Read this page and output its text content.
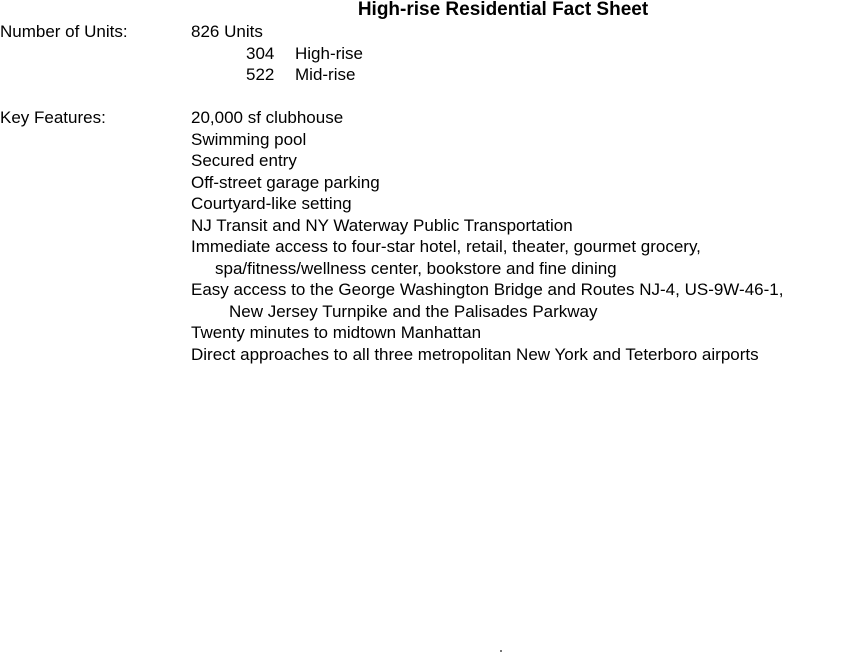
High-rise Residential Fact Sheet
Number of Units:	826 Units
304	High-rise
522	Mid-rise
Key Features:	20,000 sf clubhouse
Swimming pool
Secured entry
Off-street garage parking
Courtyard-like setting
NJ Transit and NY Waterway Public Transportation
Immediate access to four-star hotel, retail, theater, gourmet grocery,
spa/fitness/wellness center, bookstore and fine dining
Easy access to the George Washington Bridge and Routes NJ-4, US-9W-46-1,
New Jersey Turnpike and the Palisades Parkway
Twenty minutes to midtown Manhattan
Direct approaches to all three metropolitan New York and Teterboro airports
